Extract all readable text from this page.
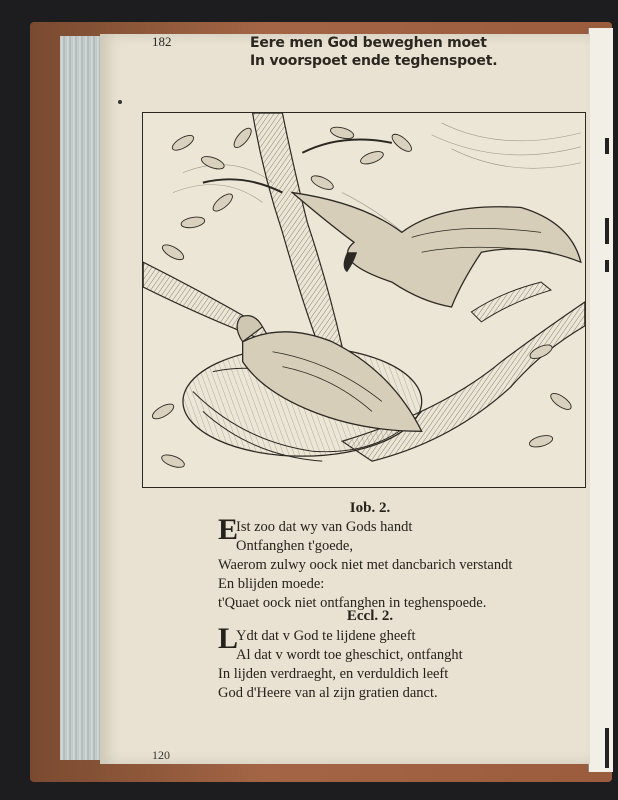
182	Eere men God beweghen moet
In voorspoet ende teghenspoet.
Iob. 2.
E
Ist zoo dat wy van Gods handt
Ontfanghen t'goede,
Waerom zulwy oock niet met dancbarich verstandt
En blijden moede:
t'Quaet oock niet ontfanghen in teghenspoede.
Eccl. 2.
L
Ydt dat v God te lijdene gheeft
Al dat v wordt toe gheschict, ontfanght
In lijden verdraeght, en verduldich leeft
God d'Heere van al zijn gratien danct.
120
